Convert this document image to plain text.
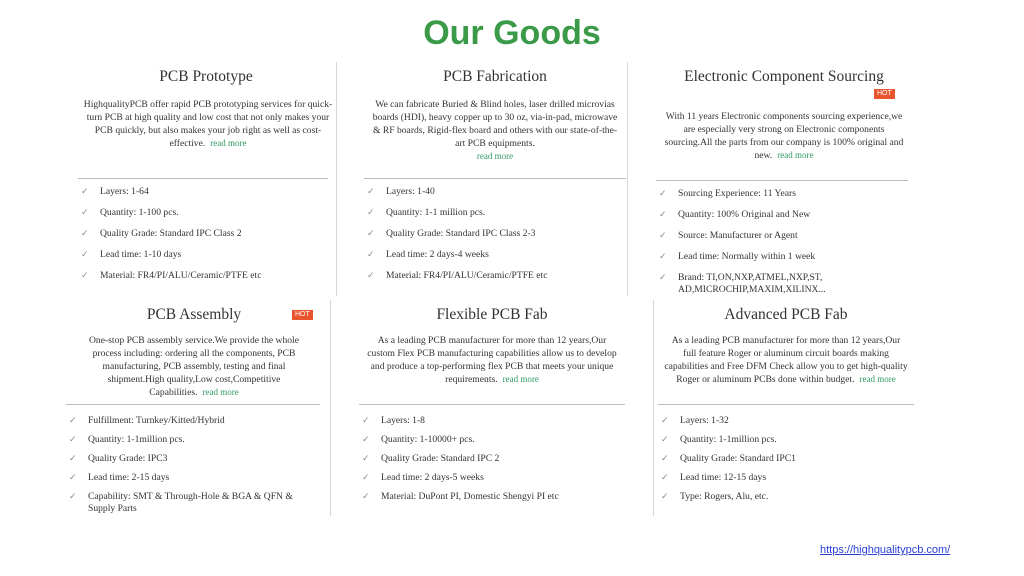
Our Goods
PCB Prototype
HighqualityPCB offer rapid PCB prototyping services for quick-turn PCB at high quality and low cost that not only makes your PCB quickly, but also makes your job right as well as cost-effective. read more
✓ Layers: 1-64
✓ Quantity: 1-100 pcs.
✓ Quality Grade: Standard IPC Class 2
✓ Lead time: 1-10 days
✓ Material: FR4/PI/ALU/Ceramic/PTFE etc
PCB Fabrication
We can fabricate Buried & Blind holes, laser drilled microvias boards (HDI), heavy copper up to 30 oz, via-in-pad, microwave & RF boards, Rigid-flex board and others with our state-of-the-art PCB equipments.
read more
✓ Layers: 1-40
✓ Quantity: 1-1 million pcs.
✓ Quality Grade: Standard IPC Class 2-3
✓ Lead time: 2 days-4 weeks
✓ Material: FR4/PI/ALU/Ceramic/PTFE etc
Electronic Component Sourcing
HOT
With 11 years Electronic components sourcing experience,we are especially very strong on Electronic components sourcing.All the parts from our company is 100% original and new. read more
✓ Sourcing Experience: 11 Years
✓ Quantity: 100% Original and New
✓ Source: Manufacturer or Agent
✓ Lead time: Normally within 1 week
✓ Brand: TI,ON,NXP,ATMEL,NXP,ST, AD,MICROCHIP,MAXIM,XILINX...
PCB Assembly	HOT
One-stop PCB assembly service.We provide the whole process including: ordering all the components, PCB manufacturing, PCB assembly, testing and final shipment.High quality,Low cost,Competitive Capabilities. read more
✓ Fulfillment: Turnkey/Kitted/Hybrid
✓ Quantity: 1-1million pcs.
✓ Quality Grade: IPC3
✓ Lead time: 2-15 days
✓ Capability: SMT & Through-Hole & BGA & QFN & Supply Parts
Flexible PCB Fab
As a leading PCB manufacturer for more than 12 years,Our custom Flex PCB manufacturing capabilities allow us to develop and produce a top-performing flex PCB that meets your unique requirements. read more
✓ Layers: 1-8
✓ Quantity: 1-10000+ pcs.
✓ Quality Grade: Standard IPC 2
✓ Lead time: 2 days-5 weeks
✓ Material: DuPont PI, Domestic Shengyi PI etc
Advanced PCB Fab
As a leading PCB manufacturer for more than 12 years,Our full feature Roger or aluminum circuit boards making capabilities and Free DFM Check allow you to get high-quality Roger or aluminum PCBs done within budget. read more
✓ Layers: 1-32
✓ Quantity: 1-1million pcs.
✓ Quality Grade: Standard IPC1
✓ Lead time: 12-15 days
✓ Type: Rogers, Alu, etc.
https://highqualitypcb.com/
